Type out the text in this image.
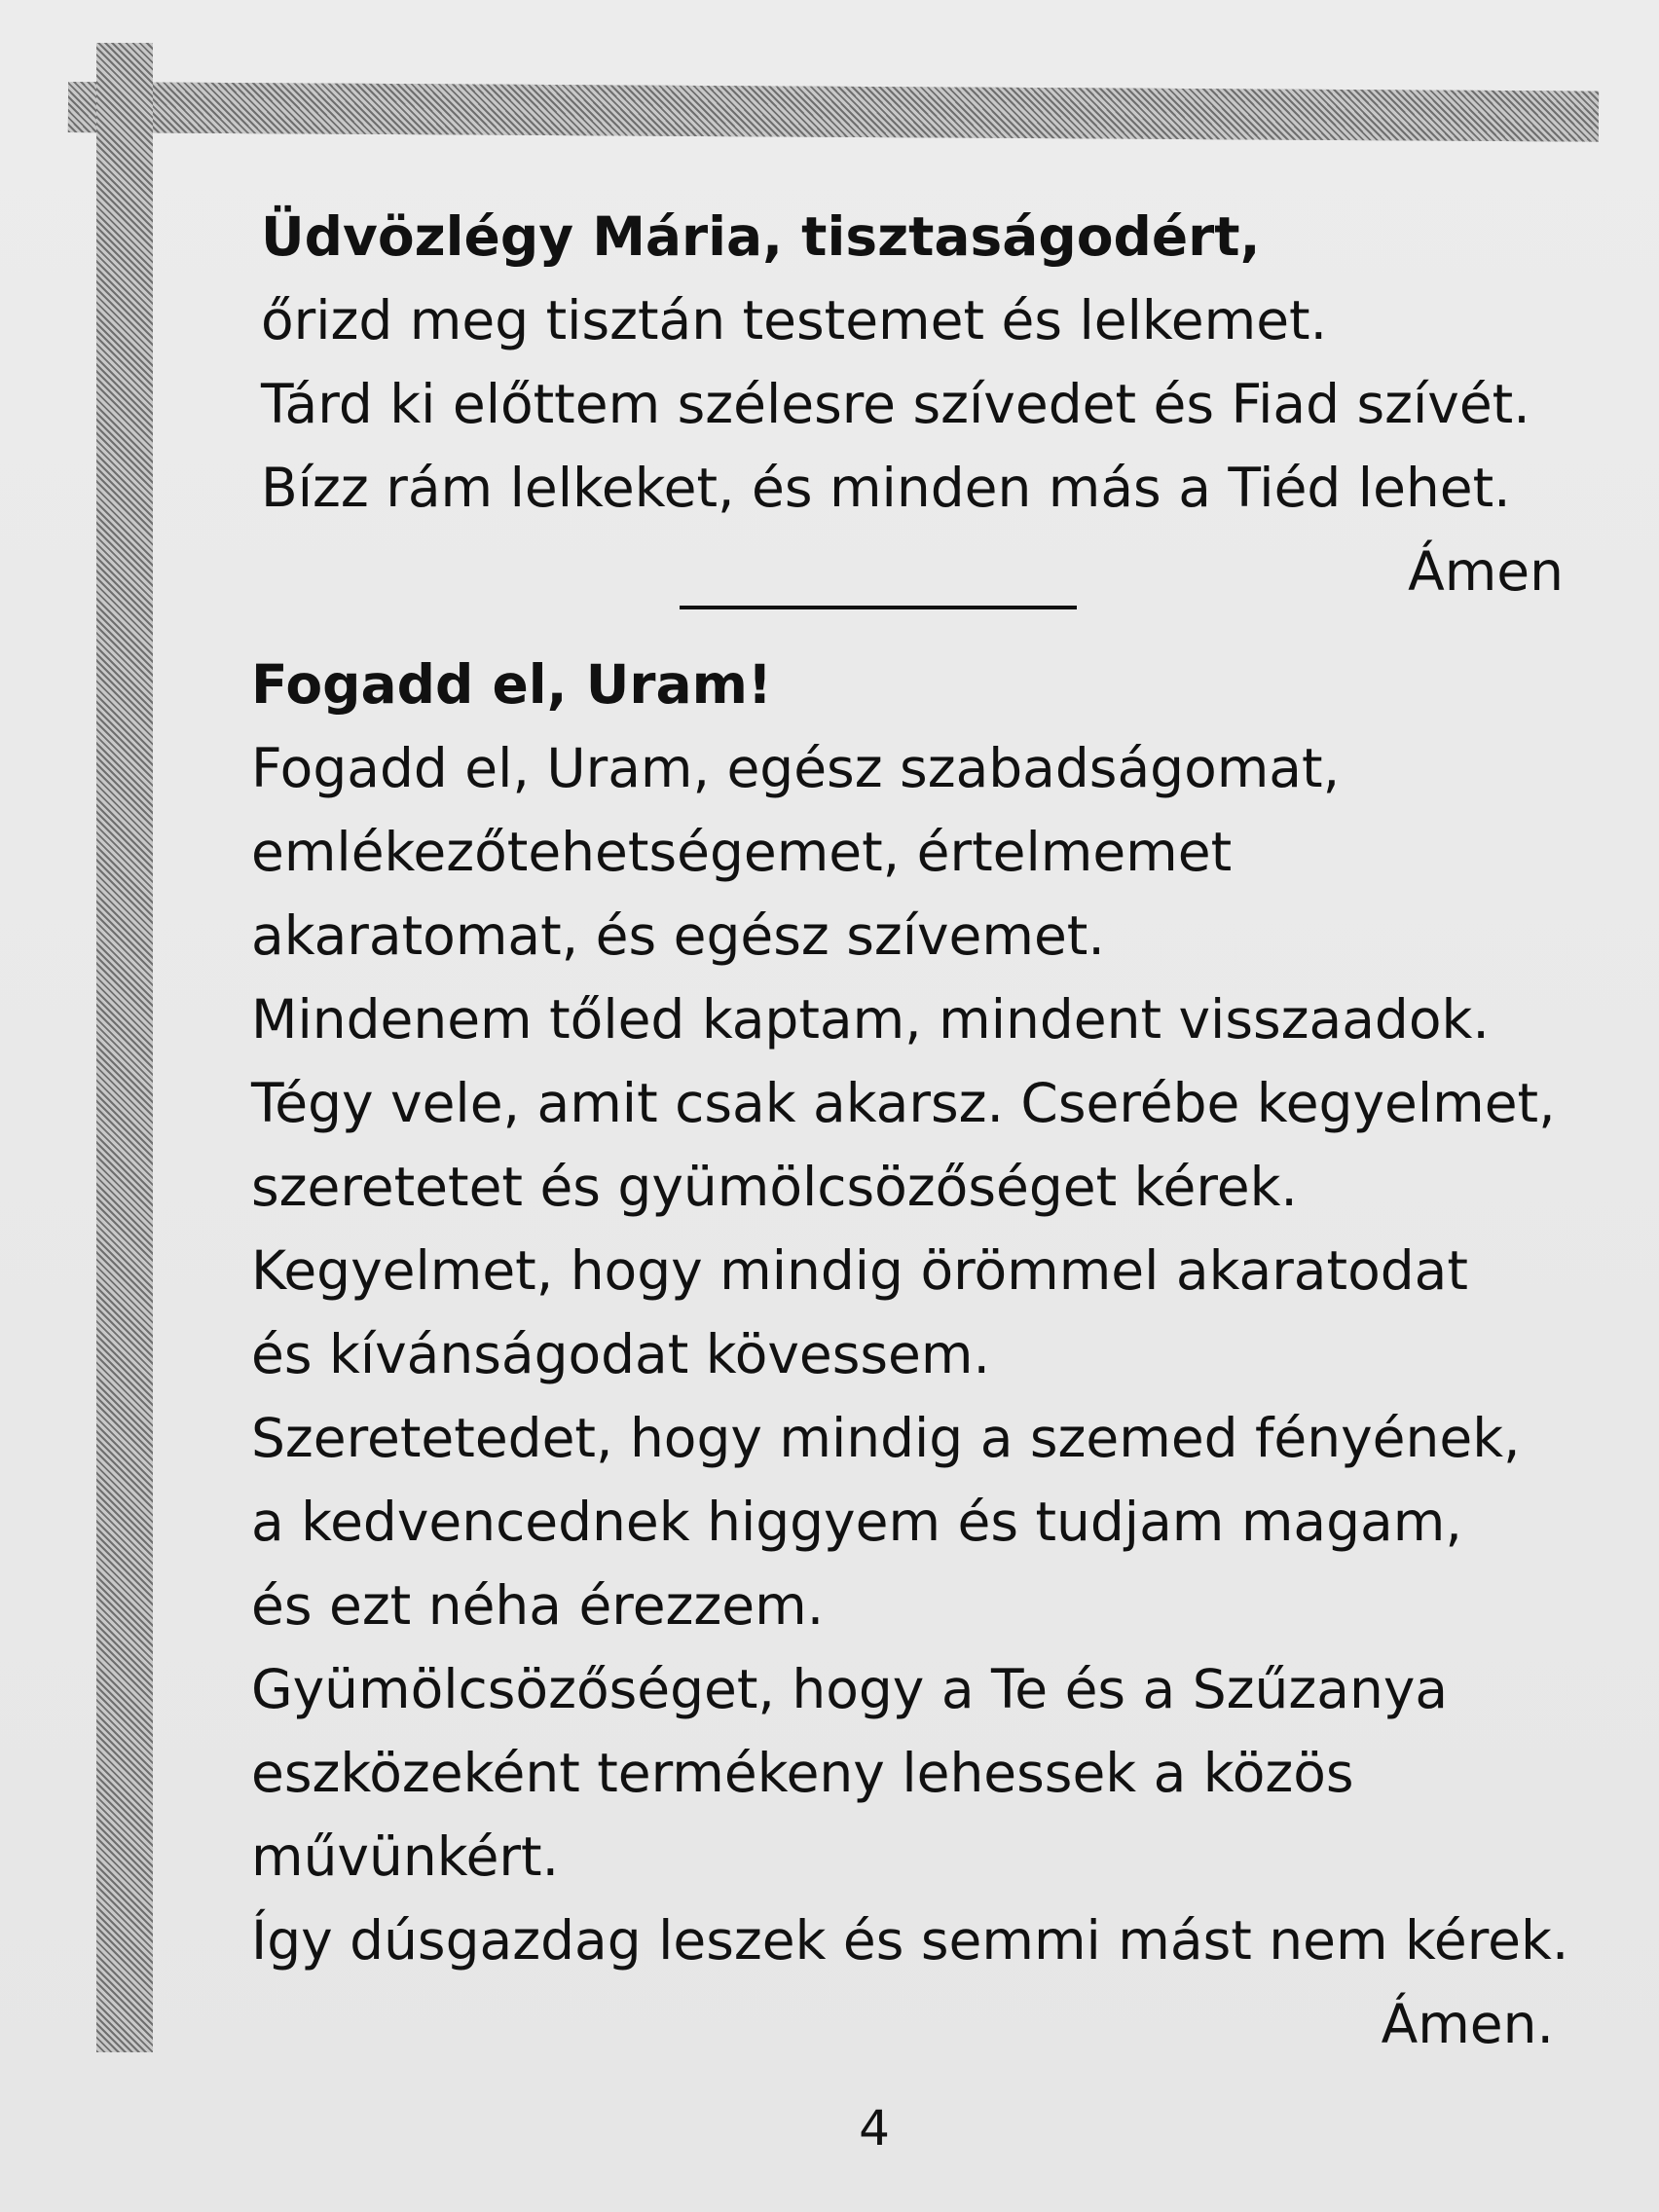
Üdvözlégy Mária, tisztaságodért,
őrizd meg tisztán testemet és lelkemet.
Tárd ki előttem szélesre szívedet és Fiad szívét.
Bízz rám lelkeket, és minden más a Tiéd lehet.
Ámen
Fogadd el, Uram!
Fogadd el, Uram, egész szabadságomat,
emlékezőtehetségemet, értelmemet
akaratomat, és egész szívemet.
Mindenem tőled kaptam, mindent visszaadok.
Tégy vele, amit csak akarsz. Cserébe kegyelmet,
szeretetet és gyümölcsözőséget kérek.
Kegyelmet, hogy mindig örömmel akaratodat
és kívánságodat kövessem.
Szeretetedet, hogy mindig a szemed fényének,
a kedvencednek higgyem és tudjam magam,
és ezt néha érezzem.
Gyümölcsözőséget, hogy a Te és a Szűzanya
eszközeként termékeny lehessek a közös
művünkért.
Így dúsgazdag leszek és semmi mást nem kérek.
Ámen.
4
